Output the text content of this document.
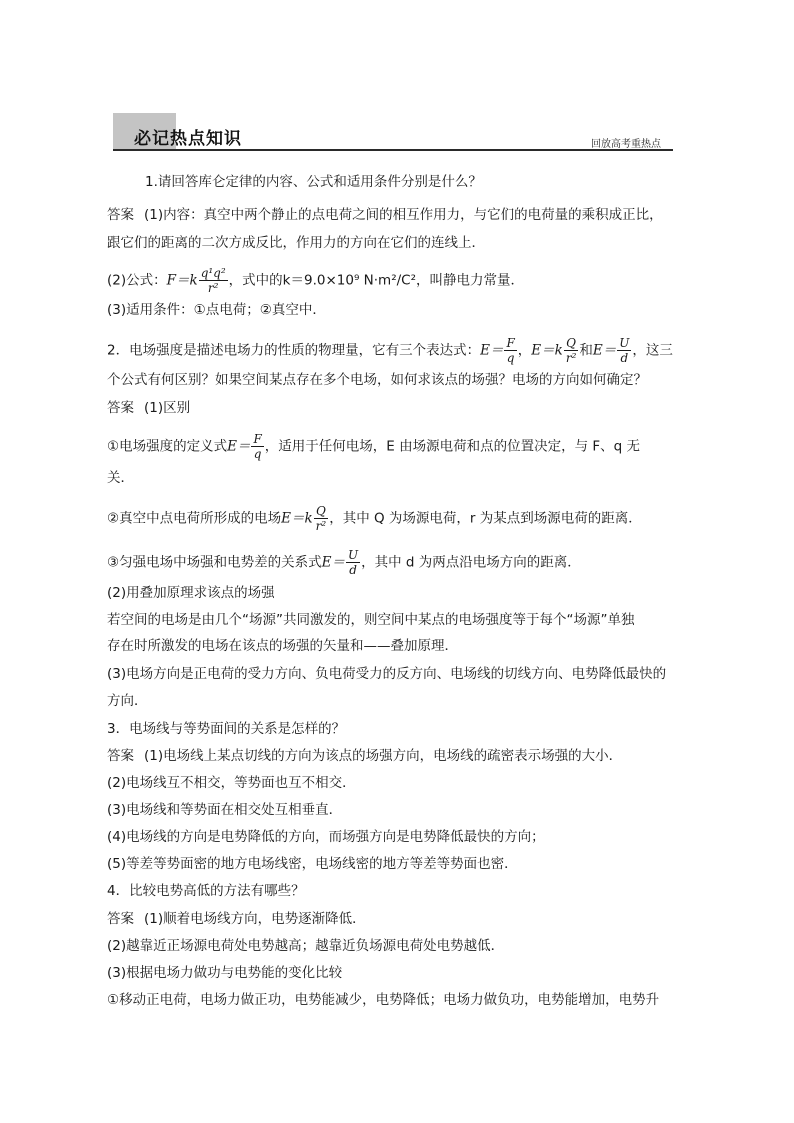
必记热点知识	回放高考重热点
1.请回答库仑定律的内容、公式和适用条件分别是什么？
答案 (1)内容：真空中两个静止的点电荷之间的相互作用力，与它们的电荷量的乘积成正比，
跟它们的距离的二次方成反比，作用力的方向在它们的连线上．
(2)公式：$F=k \frac{\text{q¹q²}}{\text{r²}}$ ，式中的k＝9.0×10⁹ N·m²/C²，叫静电力常量．
(3)适用条件：①点电荷；②真空中．
2．电场强度是描述电场力的性质的物理量，它有三个表达式：$E= \frac{F}{q}$ ，$E=k \frac{Q}{\text{r²}}$ 和$E= \frac{U}{d}$ ，这三
个公式有何区别？如果空间某点存在多个电场，如何求该点的场强？电场的方向如何确定？
答案 (1)区别
①电场强度的定义式$E= \frac{F}{q}$ ，适用于任何电场，E 由场源电荷和点的位置决定，与 F、q 无
关．
②真空中点电荷所形成的电场$E=k \frac{Q}{\text{r²}}$ ，其中 Q 为场源电荷，r 为某点到场源电荷的距离．
③匀强电场中场强和电势差的关系式$E= \frac{U}{d}$ ，其中 d 为两点沿电场方向的距离．
(2)用叠加原理求该点的场强
若空间的电场是由几个“场源”共同激发的，则空间中某点的电场强度等于每个“场源”单独
存在时所激发的电场在该点的场强的矢量和——叠加原理．
(3)电场方向是正电荷的受力方向、负电荷受力的反方向、电场线的切线方向、电势降低最快的
方向．
3．电场线与等势面间的关系是怎样的？
答案 (1)电场线上某点切线的方向为该点的场强方向，电场线的疏密表示场强的大小．
(2)电场线互不相交，等势面也互不相交．
(3)电场线和等势面在相交处互相垂直．
(4)电场线的方向是电势降低的方向，而场强方向是电势降低最快的方向；
(5)等差等势面密的地方电场线密，电场线密的地方等差等势面也密．
4．比较电势高低的方法有哪些？
答案 (1)顺着电场线方向，电势逐渐降低．
(2)越靠近正场源电荷处电势越高；越靠近负场源电荷处电势越低．
(3)根据电场力做功与电势能的变化比较
①移动正电荷，电场力做正功，电势能减少，电势降低；电场力做负功，电势能增加，电势升
